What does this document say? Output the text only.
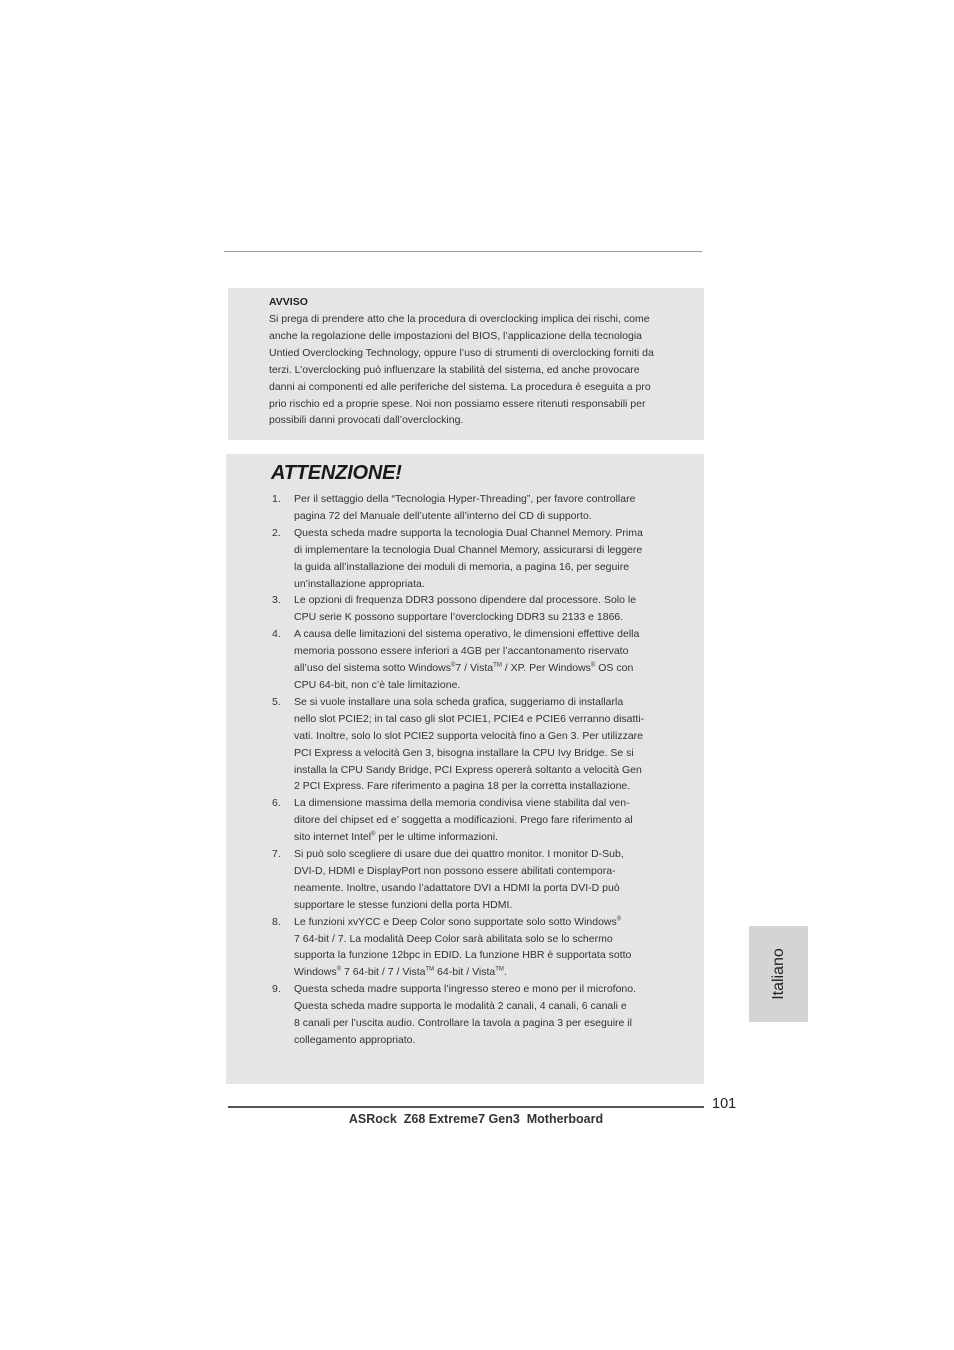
AVVISO
Si prega di prendere atto che la procedura di overclocking implica dei rischi, come
anche la regolazione delle impostazioni del BIOS, l’applicazione della tecnologia
Untied Overclocking Technology, oppure l’uso di strumenti di overclocking forniti da
terzi. L’overclocking può influenzare la stabilità del sistema, ed anche provocare
danni ai componenti ed alle periferiche del sistema. La procedura è eseguita a pro
prio rischio ed a proprie spese. Noi non possiamo essere ritenuti responsabili per
possibili danni provocati dall’overclocking.
ATTENZIONE!
1. Per il settaggio della “Tecnologia Hyper-Threading”, per favore controllare
pagina 72 del Manuale dell’utente all’interno del CD di supporto.
2. Questa scheda madre supporta la tecnologia Dual Channel Memory. Prima
di implementare la tecnologia Dual Channel Memory, assicurarsi di leggere
la guida all’installazione dei moduli di memoria, a pagina 16, per seguire
un’installazione appropriata.
3. Le opzioni di frequenza DDR3 possono dipendere dal processore. Solo le
CPU serie K possono supportare l’overclocking DDR3 su 2133 e 1866.
4. A causa delle limitazioni del sistema operativo, le dimensioni effettive della
memoria possono essere inferiori a 4GB per l’accantonamento riservato
all’uso del sistema sotto Windows®7 / Vista™ / XP. Per Windows® OS con
CPU 64-bit, non c’è tale limitazione.
5. Se si vuole installare una sola scheda grafica, suggeriamo di installarla
nello slot PCIE2; in tal caso gli slot PCIE1, PCIE4 e PCIE6 verranno disatti-
vati. Inoltre, solo lo slot PCIE2 supporta velocità fino a Gen 3. Per utilizzare
PCI Express a velocità Gen 3, bisogna installare la CPU Ivy Bridge. Se si
installa la CPU Sandy Bridge, PCI Express opererà soltanto a velocità Gen
2 PCI Express. Fare riferimento a pagina 18 per la corretta installazione.
6. La dimensione massima della memoria condivisa viene stabilita dal ven-
ditore del chipset ed e’ soggetta a modificazioni. Prego fare riferimento al
sito internet Intel® per le ultime informazioni.
7. Si può solo scegliere di usare due dei quattro monitor. I monitor D-Sub,
DVI-D, HDMI e DisplayPort non possono essere abilitati contempora-
neamente. Inoltre, usando l’adattatore DVI a HDMI la porta DVI-D può
supportare le stesse funzioni della porta HDMI.
8. Le funzioni xvYCC e Deep Color sono supportate solo sotto Windows®
7 64-bit / 7. La modalità Deep Color sarà abilitata solo se lo schermo
supporta la funzione 12bpc in EDID. La funzione HBR è supportata sotto
Windows® 7 64-bit / 7 / Vista™ 64-bit / Vista™.
9. Questa scheda madre supporta l’ingresso stereo e mono per il microfono.
Questa scheda madre supporta le modalità 2 canali, 4 canali, 6 canali e
8 canali per l’uscita audio. Controllare la tavola a pagina 3 per eseguire il
collegamento appropriato.
Italiano
101
ASRock  Z68 Extreme7 Gen3  Motherboard
